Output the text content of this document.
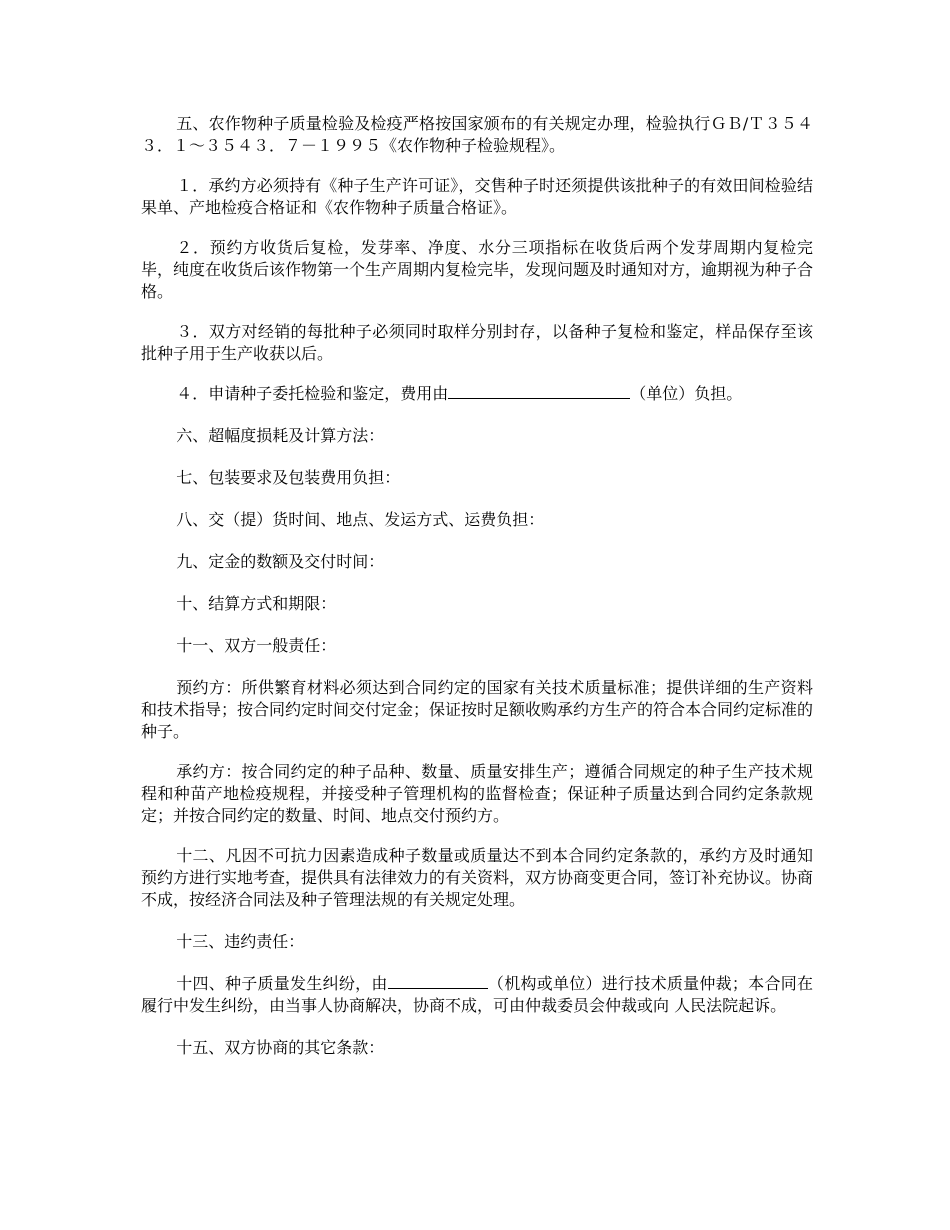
五、农作物种子质量检验及检疫严格按国家颁布的有关规定办理，检验执行ＧＢ/Ｔ３５４３．１～３５４３．７－１９９５《农作物种子检验规程》。

１．承约方必须持有《种子生产许可证》，交售种子时还须提供该批种子的有效田间检验结果单、产地检疫合格证和《农作物种子质量合格证》。

２．预约方收货后复检，发芽率、净度、水分三项指标在收货后两个发芽周期内复检完毕，纯度在收货后该作物第一个生产周期内复检完毕，发现问题及时通知对方，逾期视为种子合格。

３．双方对经销的每批种子必须同时取样分别封存，以备种子复检和鉴定，样品保存至该批种子用于生产收获以后。

４．申请种子委托检验和鉴定，费用由	（单位）负担。

六、超幅度损耗及计算方法：

七、包装要求及包装费用负担：

八、交（提）货时间、地点、发运方式、运费负担：

九、定金的数额及交付时间：

十、结算方式和期限：

十一、双方一般责任：

预约方：所供繁育材料必须达到合同约定的国家有关技术质量标准；提供详细的生产资料和技术指导；按合同约定时间交付定金；保证按时足额收购承约方生产的符合本合同约定标准的种子。

承约方：按合同约定的种子品种、数量、质量安排生产；遵循合同规定的种子生产技术规程和种苗产地检疫规程，并接受种子管理机构的监督检查；保证种子质量达到合同约定条款规定；并按合同约定的数量、时间、地点交付预约方。

十二、凡因不可抗力因素造成种子数量或质量达不到本合同约定条款的，承约方及时通知预约方进行实地考查，提供具有法律效力的有关资料，双方协商变更合同，签订补充协议。协商不成，按经济合同法及种子管理法规的有关规定处理。

十三、违约责任：

十四、种子质量发生纠纷，由	（机构或单位）进行技术质量仲裁；本合同在履行中发生纠纷，由当事人协商解决，协商不成，可由仲裁委员会仲裁或向 人民法院起诉。

十五、双方协商的其它条款：
